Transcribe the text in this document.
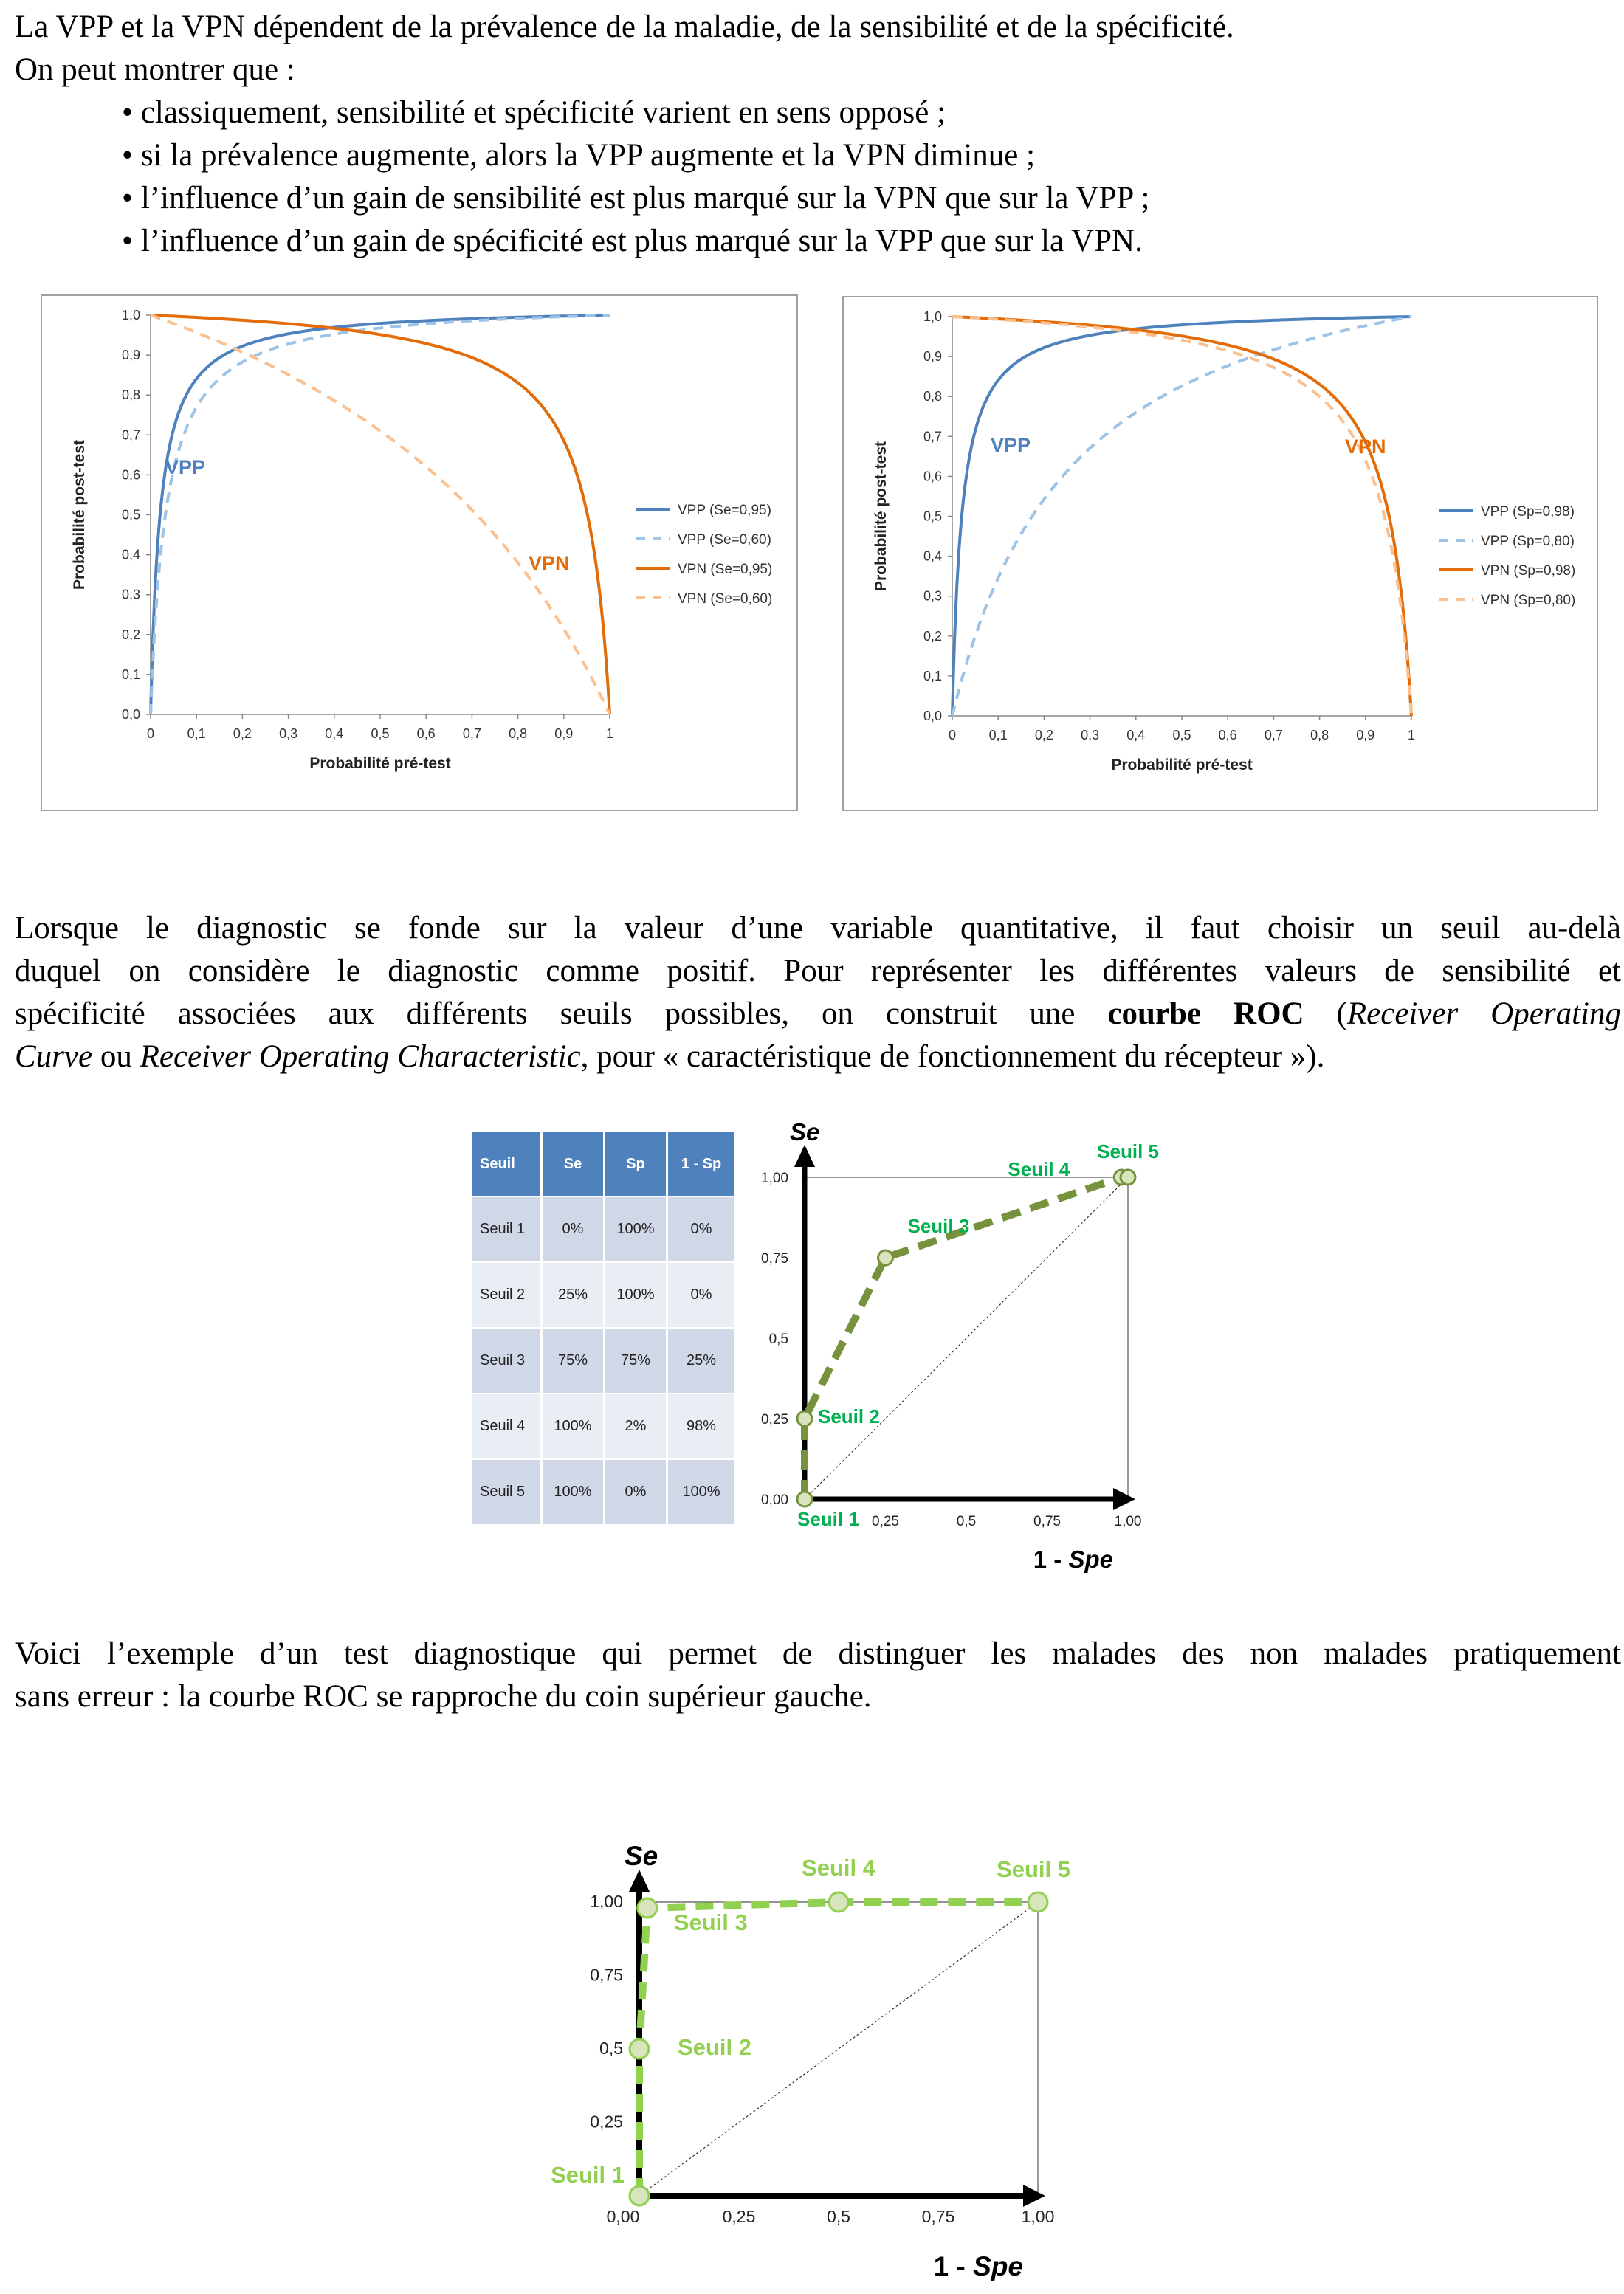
La VPP et la VPN dépendent de la prévalence de la maladie, de la sensibilité et de la spécificité.

On peut montrer que :

• classiquement, sensibilité et spécificité varient en sens opposé ;
• si la prévalence augmente, alors la VPP augmente et la VPN diminue ;
• l’influence d’un gain de sensibilité est plus marqué sur la VPN que sur la VPP ;
• l’influence d’un gain de spécificité est plus marqué sur la VPP que sur la VPN.
0,0
0,1
0,2
0,3
0,4
0,5
0,6
0,7
0,8
0,9
1,0
0 0,1 0,2 0,3 0,4 0,5 0,6 0,7 0,8 0,9 1
Probabilité pré-test
Probabilité post-test	VPP (Se=0,95)
VPP (Se=0,60)
VPN (Se=0,95)
VPN (Se=0,60)
VPP
VPN
0,0
0,1
0,2
0,3
0,4
0,5
0,6
0,7
0,8
0,9
1,0
0 0,1 0,2 0,3 0,4 0,5 0,6 0,7 0,8 0,9 1
Probabilité pré-test
Probabilité post-test	VPP (Sp=0,98)
VPP (Sp=0,80)
VPN (Sp=0,98)
VPN (Sp=0,80)
VPP	VPN
Lorsque le diagnostic se fonde sur la valeur d’une variable quantitative, il faut choisir un seuil au-delà
duquel on considère le diagnostic comme positif. Pour représenter les différentes valeurs de sensibilité et
spécificité associées aux différents seuils possibles, on construit une courbe ROC (Receiver Operating
Curve ou Receiver Operating Characteristic, pour « caractéristique de fonctionnement du récepteur »).
Seuil	Se	Sp	1 - Sp
Seuil 1	0%	100%	0%
Seuil 2	25%	100%	0%
Seuil 3	75%	75%	25%
Seuil 4	100%	2%	98%
Seuil 5	100%	0%	100%
0,00
0,25
0,5
0,75
1,00
0,25	0,5	0,75	1,00
Se
1 - Spe
Seuil 1
Seuil 2
Seuil 3
Seuil 4
Seuil 5
Voici l’exemple d’un test diagnostique qui permet de distinguer les malades des non malades pratiquement
sans erreur : la courbe ROC se rapproche du coin supérieur gauche.
0,25
0,5
0,75
1,00
0,25	0,5	0,75	1,00
0,00
Se
1 - Spe
Seuil 1
Seuil 2
Seuil 3
Seuil 4	Seuil 5
